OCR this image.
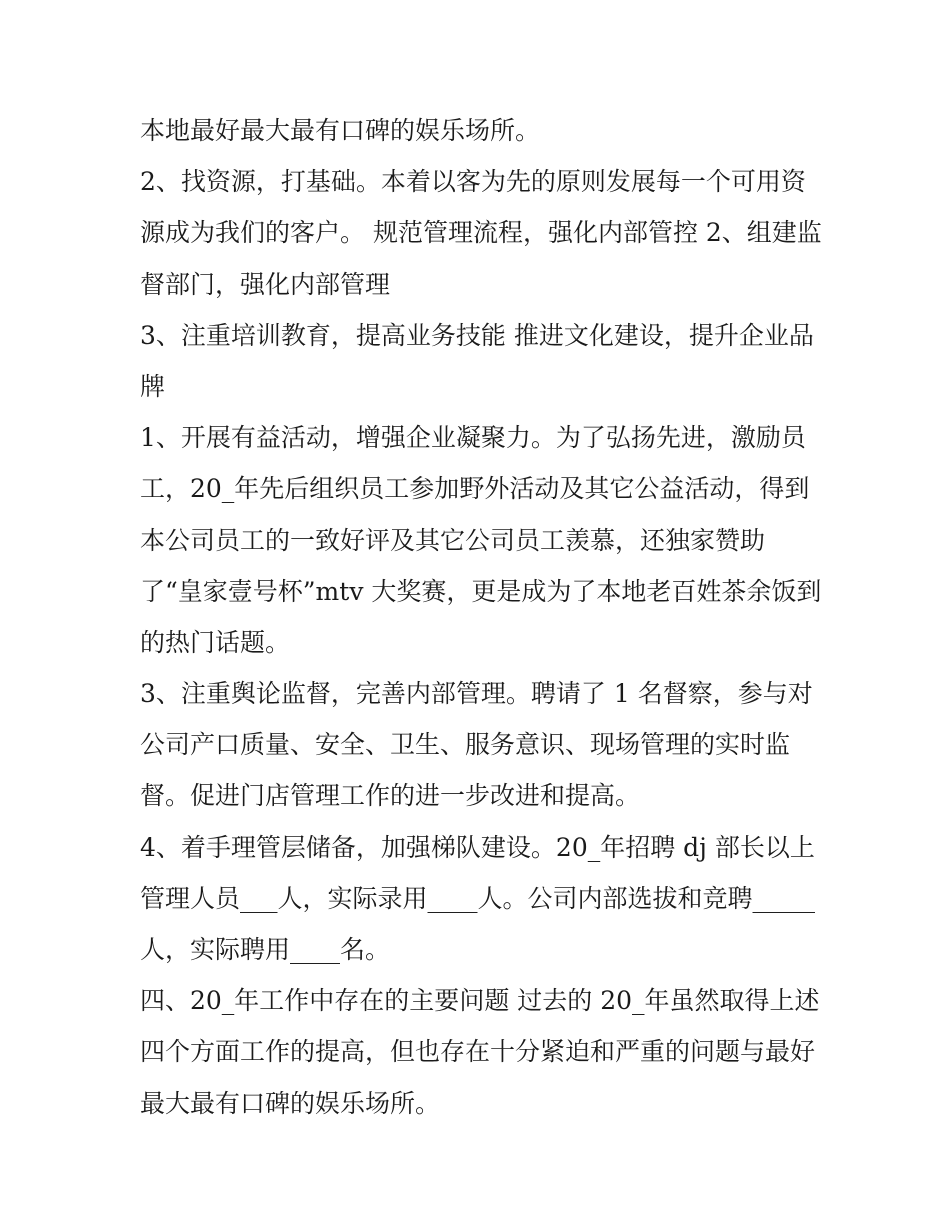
本地最好最大最有口碑的娱乐场所。
2、找资源，打基础。本着以客为先的原则发展每一个可用资
源成为我们的客户。 规范管理流程，强化内部管控 2、组建监
督部门，强化内部管理
3、注重培训教育，提高业务技能 推进文化建设，提升企业品
牌
1、开展有益活动，增强企业凝聚力。为了弘扬先进，激励员
工，20_年先后组织员工参加野外活动及其它公益活动，得到
本公司员工的一致好评及其它公司员工羡慕，还独家赞助
了“皇家壹号杯”mtv 大奖赛，更是成为了本地老百姓茶余饭到
的热门话题。
3、注重舆论监督，完善内部管理。聘请了 1 名督察，参与对
公司产口质量、安全、卫生、服务意识、现场管理的实时监
督。促进门店管理工作的进一步改进和提高。
4、着手理管层储备，加强梯队建设。20_年招聘 dj 部长以上
管理人员___人，实际录用____人。公司内部选拔和竞聘_____
人，实际聘用____名。
四、20_年工作中存在的主要问题 过去的 20_年虽然取得上述
四个方面工作的提高，但也存在十分紧迫和严重的问题与最好
最大最有口碑的娱乐场所。
